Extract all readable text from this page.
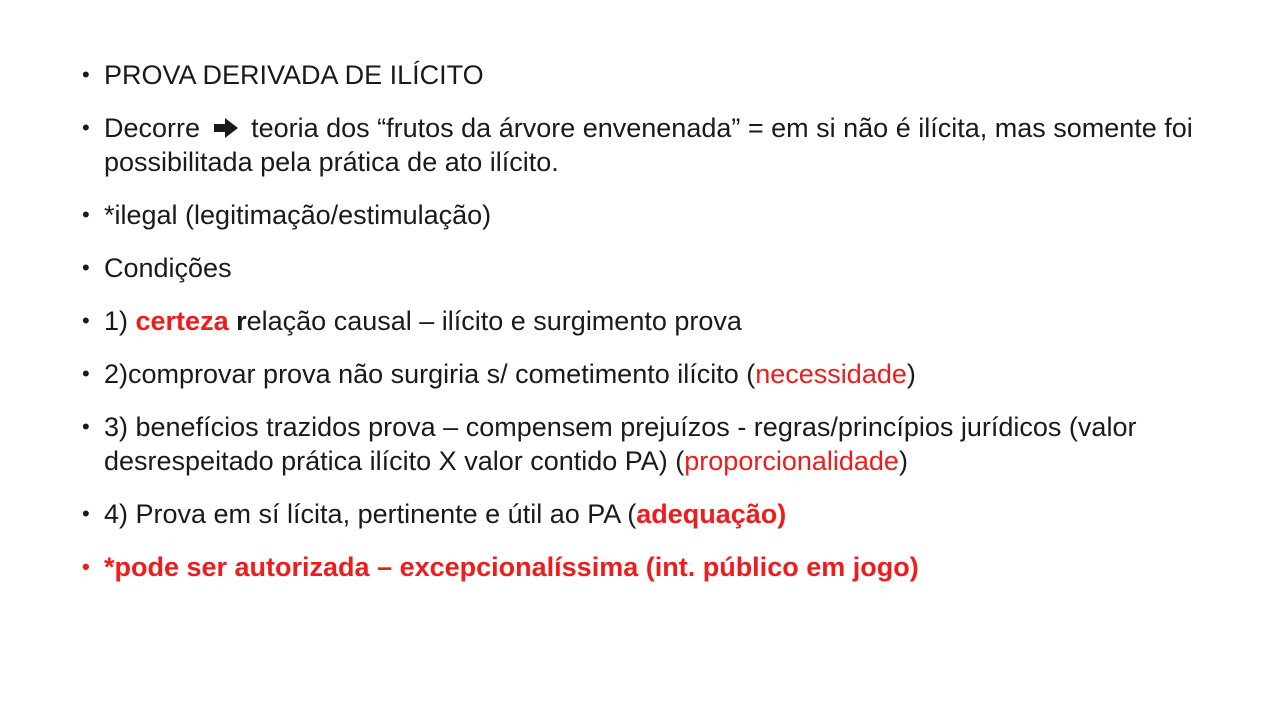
• PROVA DERIVADA DE ILÍCITO
• Decorre teoria dos “frutos da árvore envenenada” = em si não é ilícita, mas somente foi possibilitada pela prática de ato ilícito.
• *ilegal (legitimação/estimulação)
• Condições
• 1) certeza relação causal – ilícito e surgimento prova
• 2)comprovar prova não surgiria s/ cometimento ilícito (necessidade)
• 3) benefícios trazidos prova – compensem prejuízos - regras/princípios jurídicos (valor desrespeitado prática ilícito X valor contido PA) (proporcionalidade)
• 4) Prova em sí lícita, pertinente e útil ao PA (adequação)
• *pode ser autorizada – excepcionalíssima (int. público em jogo)
